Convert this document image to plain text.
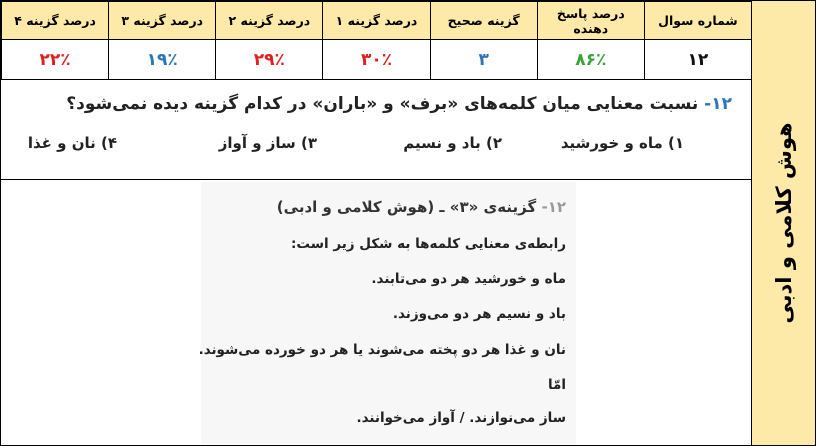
هوش کلامی و ادبی
شماره سوال	درصد پاسخ دهنده	گزینه صحیح	درصد گزینه ۱	درصد گزینه ۲	درصد گزینه ۳	درصد گزینه ۴
۱۲	۸۶٪	۳	۳۰٪	۲۹٪	۱۹٪	۲۲٪
۱۲- نسبت معنایی میان کلمه‌های «برف» و «باران» در کدام گزینه دیده نمی‌شود؟
۱) ماه و خورشید
۲) باد و نسیم
۳) ساز و آواز
۴) نان و غذا
۱۲- گزینه‌ی «۳» ـ (هوش کلامی و ادبی)
رابطه‌ی معنایی کلمه‌ها به شکل زیر است:
ماه و خورشید هر دو می‌تابند.
باد و نسیم هر دو می‌وزند.
نان و غذا هر دو پخته می‌شوند یا هر دو خورده می‌شوند.
امّا
ساز می‌نوازند. / آواز می‌خوانند.
